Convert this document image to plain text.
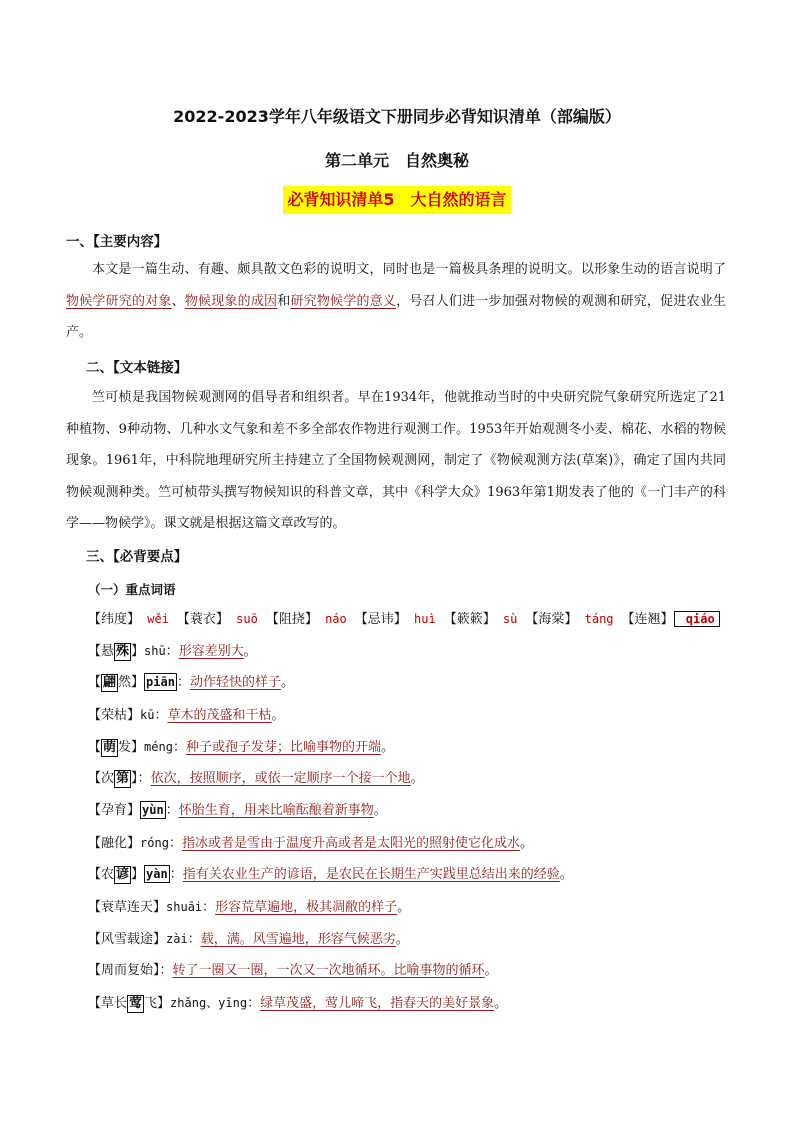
2022-2023学年八年级语文下册同步必背知识清单（部编版）
第二单元　自然奥秘
必背知识清单5　大自然的语言
一、【主要内容】
本文是一篇生动、有趣、颇具散文色彩的说明文，同时也是一篇极具条理的说明文。以形象生动的语言说明了物候学研究的对象、物候现象的成因和研究物候学的意义，号召人们进一步加强对物候的观测和研究，促进农业生产。
二、【文本链接】
竺可桢是我国物候观测网的倡导者和组织者。早在1934年，他就推动当时的中央研究院气象研究所选定了21种植物、9种动物、几种水文气象和差不多全部农作物进行观测工作。1953年开始观测冬小麦、棉花、水稻的物候现象。1961年，中科院地理研究所主持建立了全国物候观测网，制定了《物候观测方法(草案)》，确定了国内共同物候观测种类。竺可桢带头撰写物候知识的科普文章，其中《科学大众》1963年第1期发表了他的《一门丰产的科学——物候学》。课文就是根据这篇文章改写的。
三、【必背要点】
（一）重点词语
【纬度】 wěi 【蓑衣】 suō 【阻挠】 náo 【忌讳】 huì 【簌簌】 sù 【海棠】 táng 【连翘】 qiáo
【悬 殊 】shū：形容差别大。
【 翩 然】 piān ：动作轻快的样子。
【荣枯】kū：草木的茂盛和干枯。
【 萌 发】méng：种子或孢子发芽；比喻事物的开端。
【次 第 】：依次，按照顺序，或依一定顺序一个接一个地。
【孕育】 yùn ：怀胎生育，用来比喻酝酿着新事物。
【融化】róng：指冰或者是雪由于温度升高或者是太阳光的照射使它化成水。
【农 谚 】 yàn ：指有关农业生产的谚语，是农民在长期生产实践里总结出来的经验。
【衰草连天】shuāi：形容荒草遍地，极其凋敝的样子。
【风雪载途】zài：载，满。风雪遍地，形容气候恶劣。
【周而复始】：转了一圈又一圈，一次又一次地循环。比喻事物的循环。
【草长 莺 飞】zhǎng、yīng：绿草茂盛，莺儿啼飞，指春天的美好景象。
